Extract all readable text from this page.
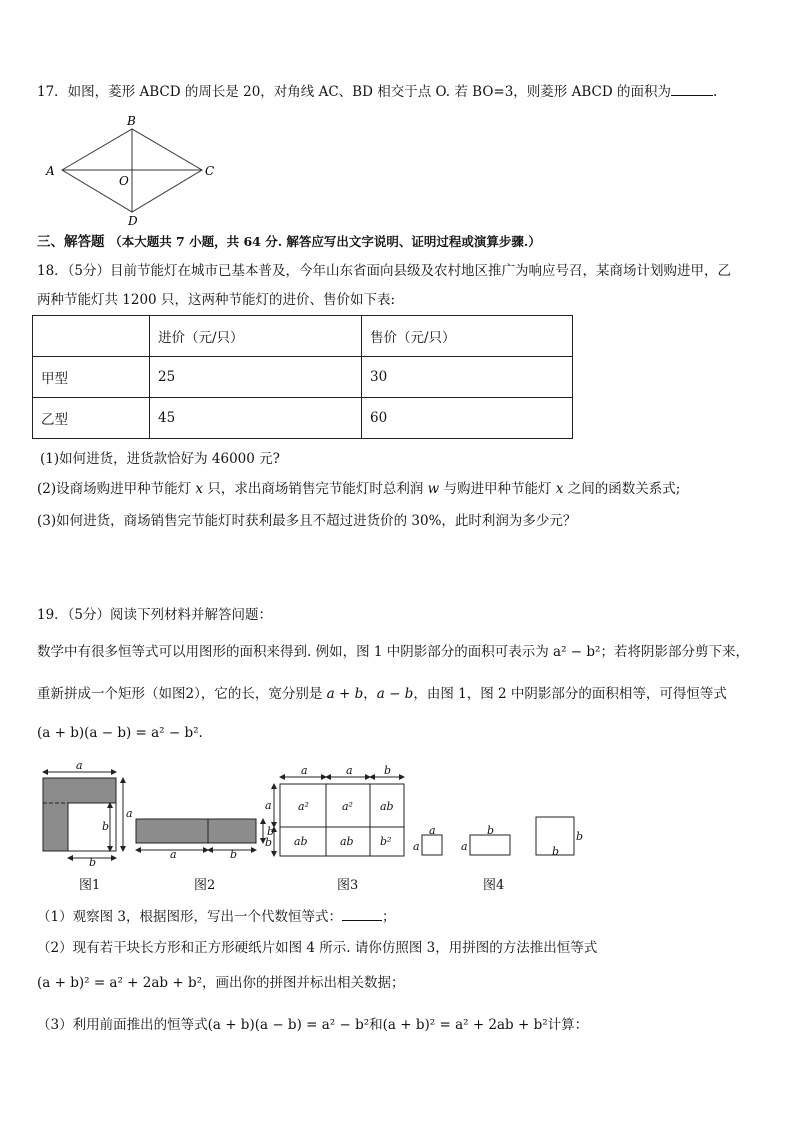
17．如图，菱形 ABCD 的周长是 20，对角线 AC、BD 相交于点 O. 若 BO=3，则菱形 ABCD 的面积为	.
A
B
C
D
O
三、解答题 （本大题共 7 小题，共 64 分. 解答应写出文字说明、证明过程或演算步骤.）
18．（5分）目前节能灯在城市已基本普及，今年山东省面向县级及农村地区推广为响应号召，某商场计划购进甲，乙
两种节能灯共 1200 只，这两种节能灯的进价、售价如下表:
	进价（元/只）	售价（元/只）
甲型	25	30
乙型	45	60
(1)如何进货，进货款恰好为 46000 元?
(2)设商场购进甲种节能灯 x 只，求出商场销售完节能灯时总利润 w 与购进甲种节能灯 x 之间的函数关系式;
(3)如何进货，商场销售完节能灯时获利最多且不超过进货价的 30%，此时利润为多少元？
19．（5分）阅读下列材料并解答问题：
数学中有很多恒等式可以用图形的面积来得到. 例如，图 1 中阴影部分的面积可表示为 a² − b²；若将阴影部分剪下来，
重新拼成一个矩形（如图2），它的长，宽分别是 a + b，a − b，由图 1，图 2 中阴影部分的面积相等，可得恒等式
(a + b)(a − b) = a² − b².
a
a
b
b
a	b
b
a	a	b
a
b
a²	a² ab
ab	ab b²
a
a
b
a
b
b
图1	图2	图3	图4
（1）观察图 3，根据图形，写出一个代数恒等式：	；
（2）现有若干块长方形和正方形硬纸片如图 4 所示. 请你仿照图 3，用拼图的方法推出恒等式
(a + b)² = a² + 2ab + b²，画出你的拼图并标出相关数据；
（3）利用前面推出的恒等式(a + b)(a − b) = a² − b²和(a + b)² = a² + 2ab + b²计算：
